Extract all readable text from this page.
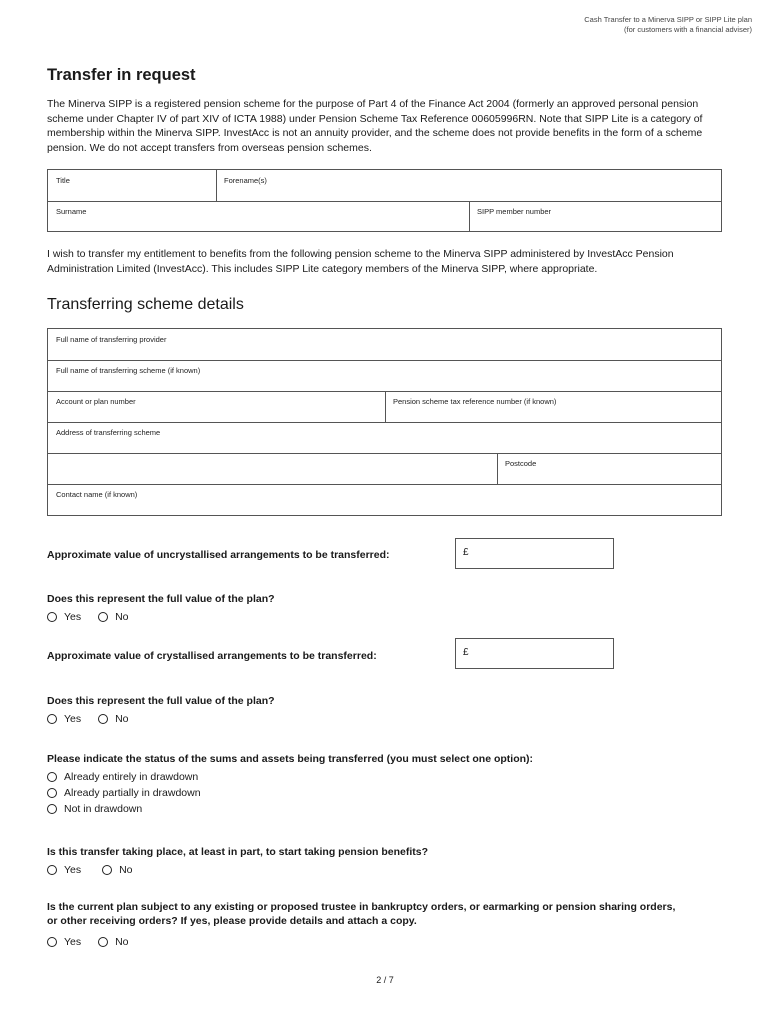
Cash Transfer to a Minerva SIPP or SIPP Lite plan
(for customers with a financial adviser)
Transfer in request

The Minerva SIPP is a registered pension scheme for the purpose of Part 4 of the Finance Act 2004 (formerly an approved personal pension scheme under Chapter IV of part XIV of ICTA 1988) under Pension Scheme Tax Reference 00605996RN. Note that SIPP Lite is a category of membership within the Minerva SIPP. InvestAcc is not an annuity provider, and the scheme does not provide benefits in the form of a scheme pension. We do not accept transfers from overseas pension schemes.

Title	Forename(s)
Surname	SIPP member number

I wish to transfer my entitlement to benefits from the following pension scheme to the Minerva SIPP administered by InvestAcc Pension Administration Limited (InvestAcc). This includes SIPP Lite category members of the Minerva SIPP, where appropriate.

Transferring scheme details
Full name of transferring provider
Full name of transferring scheme (if known)
Account or plan number	Pension scheme tax reference number (if known)
Address of transferring scheme
Postcode
Contact name (if known)
Approximate value of uncrystallised arrangements to be transferred:	£
Does this represent the full value of the plan?
Yes
	No
Approximate value of crystallised arrangements to be transferred:	£
Does this represent the full value of the plan?
Yes
	No
Please indicate the status of the sums and assets being transferred (you must select one option):
Already entirely in drawdown
Already partially in drawdown
Not in drawdown
Is this transfer taking place, at least in part, to start taking pension benefits?
Yes
	No
Is the current plan subject to any existing or proposed trustee in bankruptcy orders, or earmarking or pension sharing orders, or other receiving orders? If yes, please provide details and attach a copy.
Yes
	No
2 / 7
